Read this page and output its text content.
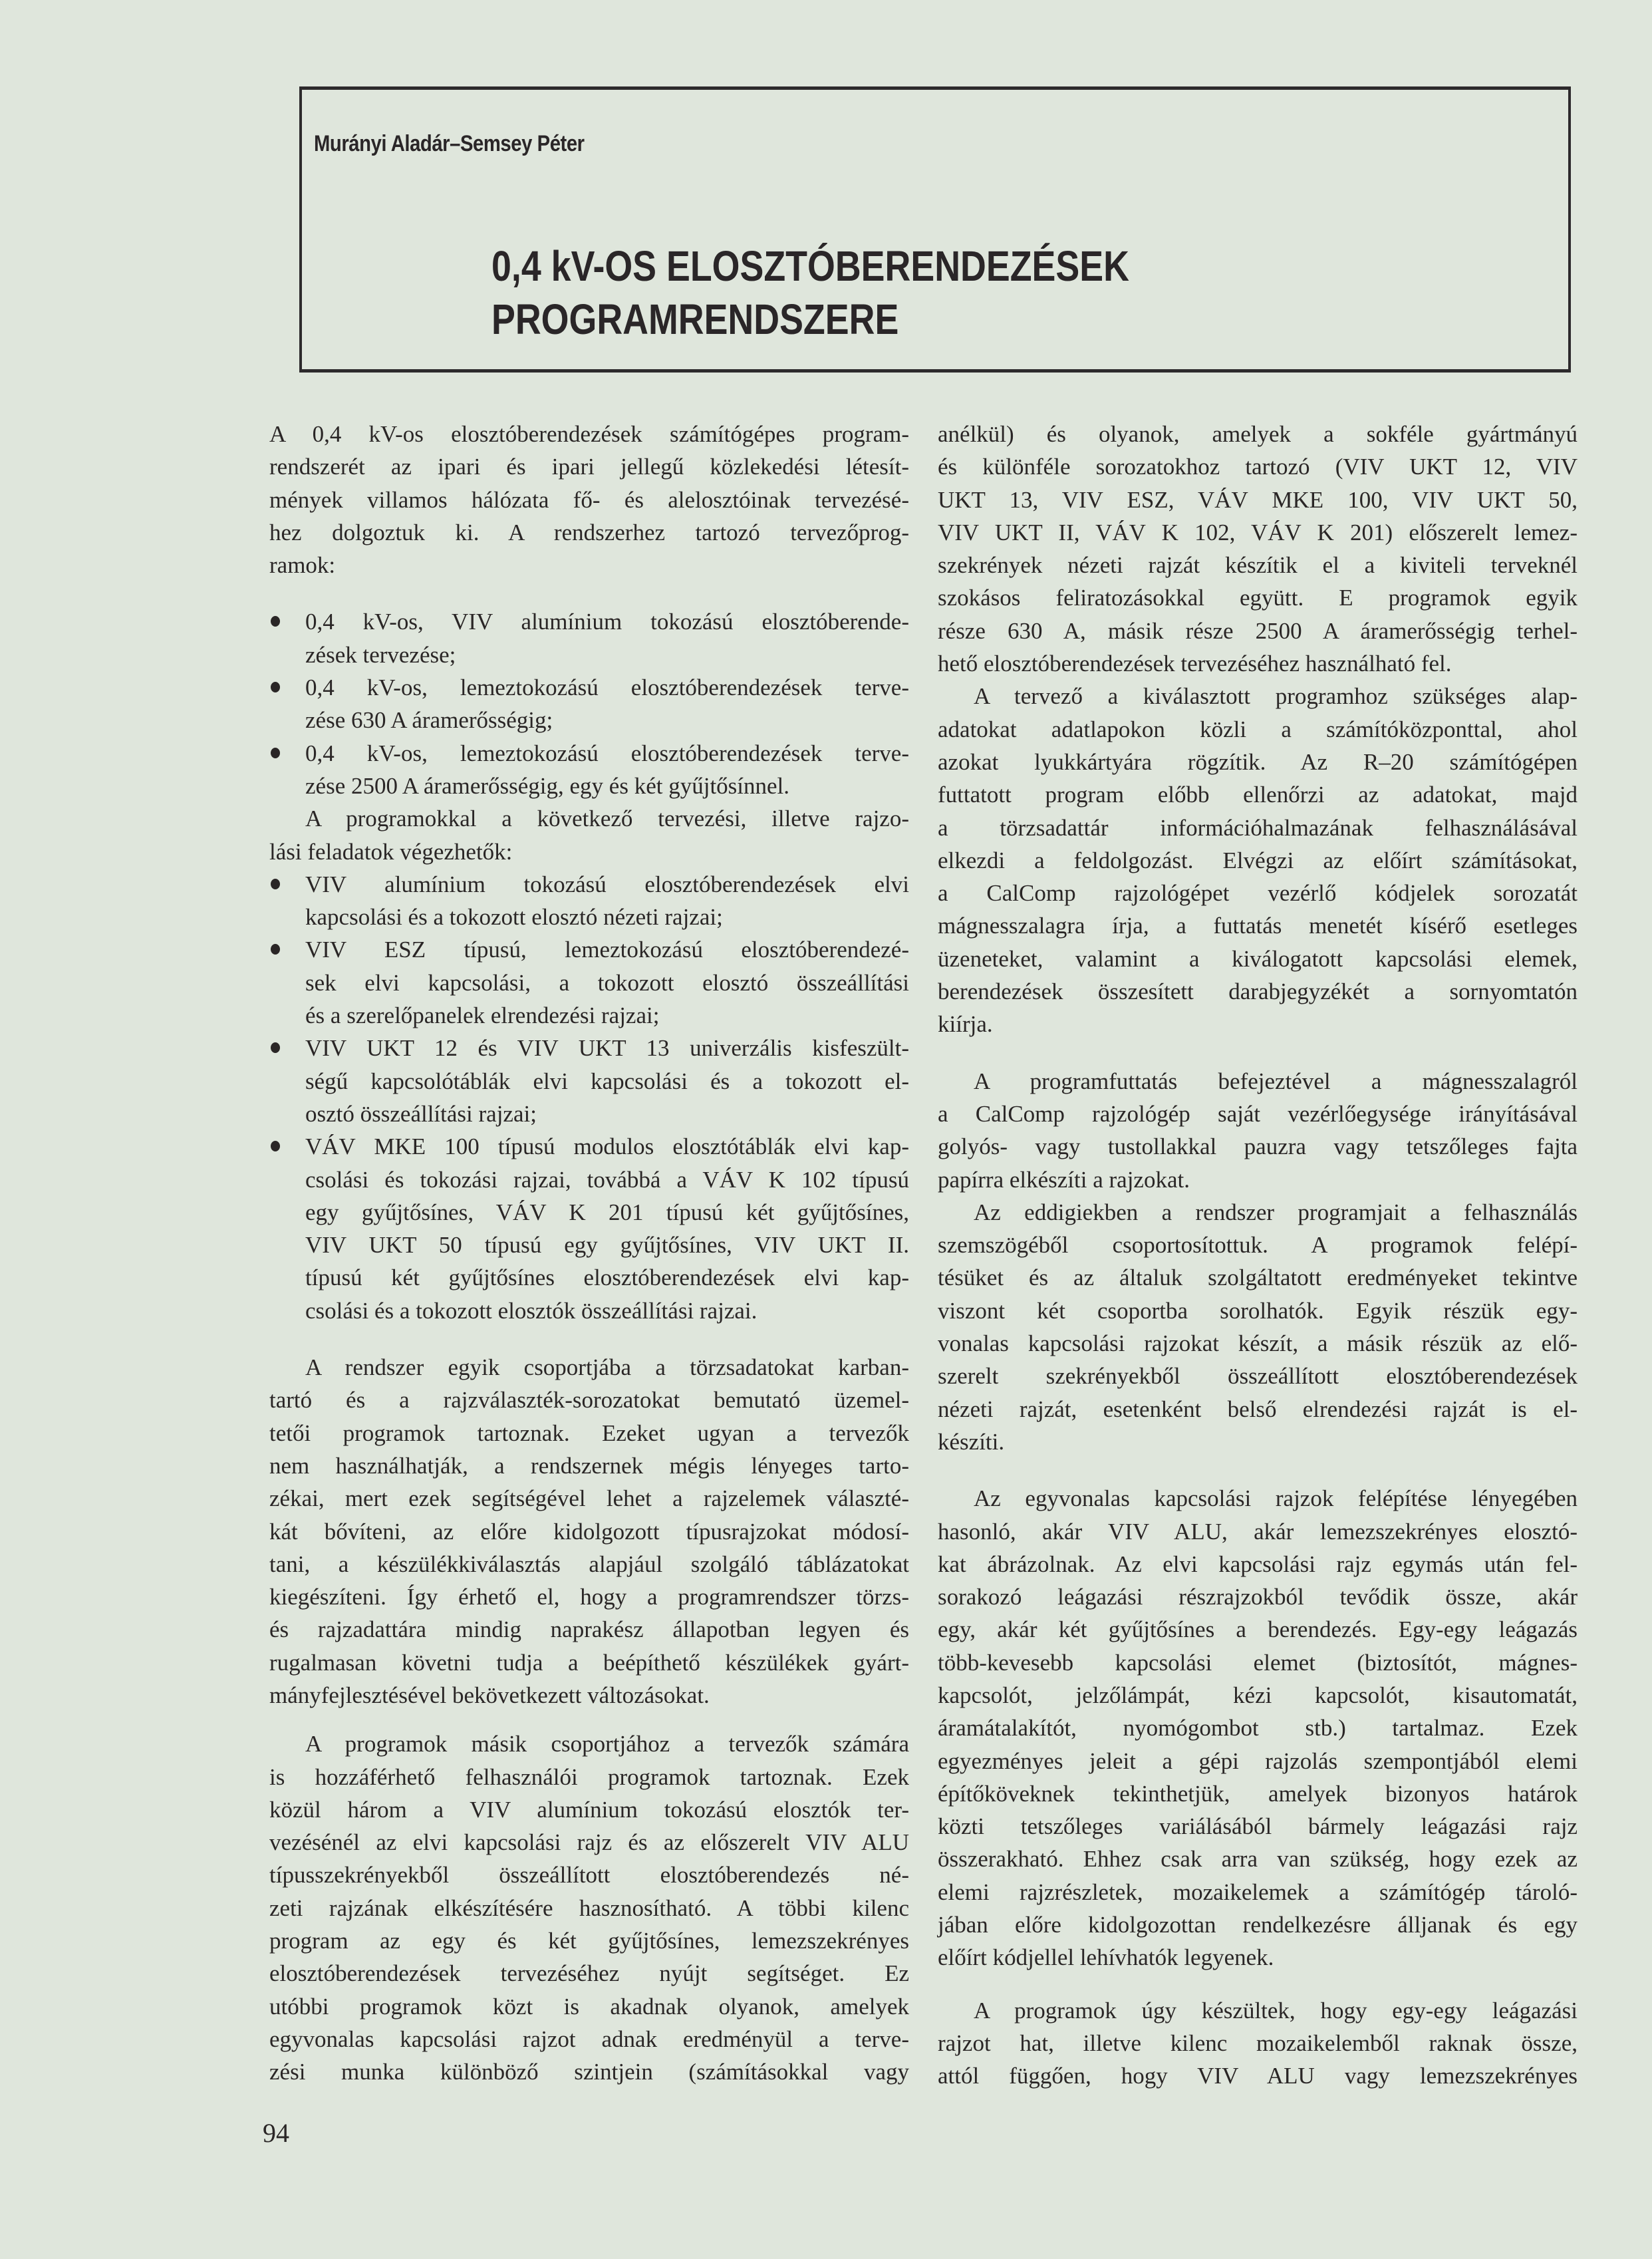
Murányi Aladár–Semsey Péter
0,4 kV-OS ELOSZTÓBERENDEZÉSEK
PROGRAMRENDSZERE
A 0,4 kV-os elosztóberendezések számítógépes program-
rendszerét az ipari és ipari jellegű közlekedési létesít-
mények villamos hálózata fő- és alelosztóinak tervezésé-
hez dolgoztuk ki. A rendszerhez tartozó tervezőprog-
ramok:
0,4 kV-os, VIV alumínium tokozású elosztóberende-
zések tervezése;
0,4 kV-os, lemeztokozású elosztóberendezések terve-
zése 630 A áramerősségig;
0,4 kV-os, lemeztokozású elosztóberendezések terve-
zése 2500 A áramerősségig, egy és két gyűjtősínnel.
A programokkal a következő tervezési, illetve rajzo-
lási feladatok végezhetők:
VIV alumínium tokozású elosztóberendezések elvi
kapcsolási és a tokozott elosztó nézeti rajzai;
VIV ESZ típusú, lemeztokozású elosztóberendezé-
sek elvi kapcsolási, a tokozott elosztó összeállítási
és a szerelőpanelek elrendezési rajzai;
VIV UKT 12 és VIV UKT 13 univerzális kisfeszült-
ségű kapcsolótáblák elvi kapcsolási és a tokozott el-
osztó összeállítási rajzai;
VÁV MKE 100 típusú modulos elosztótáblák elvi kap-
csolási és tokozási rajzai, továbbá a VÁV K 102 típusú
egy gyűjtősínes, VÁV K 201 típusú két gyűjtősínes,
VIV UKT 50 típusú egy gyűjtősínes, VIV UKT II.
típusú két gyűjtősínes elosztóberendezések elvi kap-
csolási és a tokozott elosztók összeállítási rajzai.
A rendszer egyik csoportjába a törzsadatokat karban-
tartó és a rajzválaszték-sorozatokat bemutató üzemel-
tetői programok tartoznak. Ezeket ugyan a tervezők
nem használhatják, a rendszernek mégis lényeges tarto-
zékai, mert ezek segítségével lehet a rajzelemek választé-
kát bővíteni, az előre kidolgozott típusrajzokat módosí-
tani, a készülékkiválasztás alapjául szolgáló táblázatokat
kiegészíteni. Így érhető el, hogy a programrendszer törzs-
és rajzadattára mindig naprakész állapotban legyen és
rugalmasan követni tudja a beépíthető készülékek gyárt-
mányfejlesztésével bekövetkezett változásokat.
A programok másik csoportjához a tervezők számára
is hozzáférhető felhasználói programok tartoznak. Ezek
közül három a VIV alumínium tokozású elosztók ter-
vezésénél az elvi kapcsolási rajz és az előszerelt VIV ALU
típusszekrényekből összeállított elosztóberendezés né-
zeti rajzának elkészítésére hasznosítható. A többi kilenc
program az egy és két gyűjtősínes, lemezszekrényes
elosztóberendezések tervezéséhez nyújt segítséget. Ez
utóbbi programok közt is akadnak olyanok, amelyek
egyvonalas kapcsolási rajzot adnak eredményül a terve-
zési munka különböző szintjein (számításokkal vagy
anélkül) és olyanok, amelyek a sokféle gyártmányú
és különféle sorozatokhoz tartozó (VIV UKT 12, VIV
UKT 13, VIV ESZ, VÁV MKE 100, VIV UKT 50,
VIV UKT II, VÁV K 102, VÁV K 201) előszerelt lemez-
szekrények nézeti rajzát készítik el a kiviteli terveknél
szokásos feliratozásokkal együtt. E programok egyik
része 630 A, másik része 2500 A áramerősségig terhel-
hető elosztóberendezések tervezéséhez használható fel.
A tervező a kiválasztott programhoz szükséges alap-
adatokat adatlapokon közli a számítóközponttal, ahol
azokat lyukkártyára rögzítik. Az R–20 számítógépen
futtatott program előbb ellenőrzi az adatokat, majd
a törzsadattár információhalmazának felhasználásával
elkezdi a feldolgozást. Elvégzi az előírt számításokat,
a CalComp rajzológépet vezérlő kódjelek sorozatát
mágnesszalagra írja, a futtatás menetét kísérő esetleges
üzeneteket, valamint a kiválogatott kapcsolási elemek,
berendezések összesített darabjegyzékét a sornyomtatón
kiírja.
A programfuttatás befejeztével a mágnesszalagról
a CalComp rajzológép saját vezérlőegysége irányításával
golyós- vagy tustollakkal pauzra vagy tetszőleges fajta
papírra elkészíti a rajzokat.
Az eddigiekben a rendszer programjait a felhasználás
szemszögéből csoportosítottuk. A programok felépí-
tésüket és az általuk szolgáltatott eredményeket tekintve
viszont két csoportba sorolhatók. Egyik részük egy-
vonalas kapcsolási rajzokat készít, a másik részük az elő-
szerelt szekrényekből összeállított elosztóberendezések
nézeti rajzát, esetenként belső elrendezési rajzát is el-
készíti.
Az egyvonalas kapcsolási rajzok felépítése lényegében
hasonló, akár VIV ALU, akár lemezszekrényes elosztó-
kat ábrázolnak. Az elvi kapcsolási rajz egymás után fel-
sorakozó leágazási részrajzokból tevődik össze, akár
egy, akár két gyűjtősínes a berendezés. Egy-egy leágazás
több-kevesebb kapcsolási elemet (biztosítót, mágnes-
kapcsolót, jelzőlámpát, kézi kapcsolót, kisautomatát,
áramátalakítót, nyomógombot stb.) tartalmaz. Ezek
egyezményes jeleit a gépi rajzolás szempontjából elemi
építőköveknek tekinthetjük, amelyek bizonyos határok
közti tetszőleges variálásából bármely leágazási rajz
összerakható. Ehhez csak arra van szükség, hogy ezek az
elemi rajzrészletek, mozaikelemek a számítógép tároló-
jában előre kidolgozottan rendelkezésre álljanak és egy
előírt kódjellel lehívhatók legyenek.
A programok úgy készültek, hogy egy-egy leágazási
rajzot hat, illetve kilenc mozaikelemből raknak össze,
attól függően, hogy VIV ALU vagy lemezszekrényes
94
